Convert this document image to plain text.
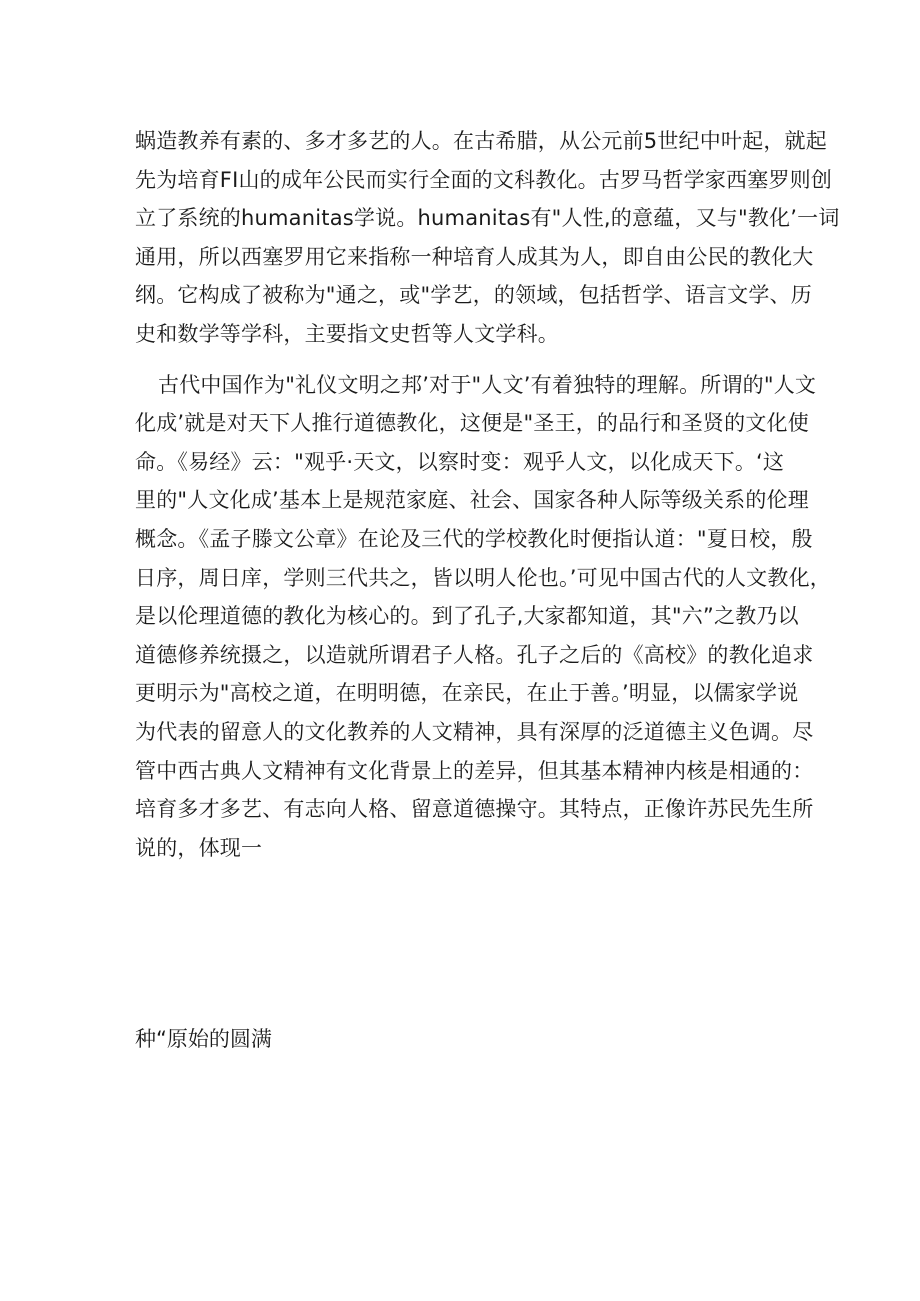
蜗造教养有素的、多才多艺的人。在古希腊，从公元前5世纪中叶起，就起
先为培育FI山的成年公民而实行全面的文科教化。古罗马哲学家西塞罗则创
立了系统的humanitas学说。humanitas有"人性,的意蕴，又与"教化’一词
通用，所以西塞罗用它来指称一种培育人成其为人，即自由公民的教化大
纲。它构成了被称为"通之，或"学艺，的领域，包括哲学、语言文学、历
史和数学等学科，主要指文史哲等人文学科。
古代中国作为"礼仪文明之邦’对于"人文’有着独特的理解。所谓的"人文
化成’就是对天下人推行道德教化，这便是"圣王，的品行和圣贤的文化使
命。《易经》云："观乎·天文，以察时变：观乎人文，以化成天下。‘这
里的"人文化成’基本上是规范家庭、社会、国家各种人际等级关系的伦理
概念。《孟子滕文公章》在论及三代的学校教化时便指认道："夏日校，殷
日序，周日庠，学则三代共之，皆以明人伦也。’可见中国古代的人文教化，
是以伦理道德的教化为核心的。到了孔子,大家都知道，其"六”之教乃以
道德修养统摄之，以造就所谓君子人格。孔子之后的《高校》的教化追求
更明示为"高校之道，在明明德，在亲民，在止于善。’明显，以儒家学说
为代表的留意人的文化教养的人文精神，具有深厚的泛道德主义色调。尽
管中西古典人文精神有文化背景上的差异，但其基本精神内核是相通的：
培育多才多艺、有志向人格、留意道德操守。其特点，正像许苏民先生所
说的，体现一
种“原始的圆满
